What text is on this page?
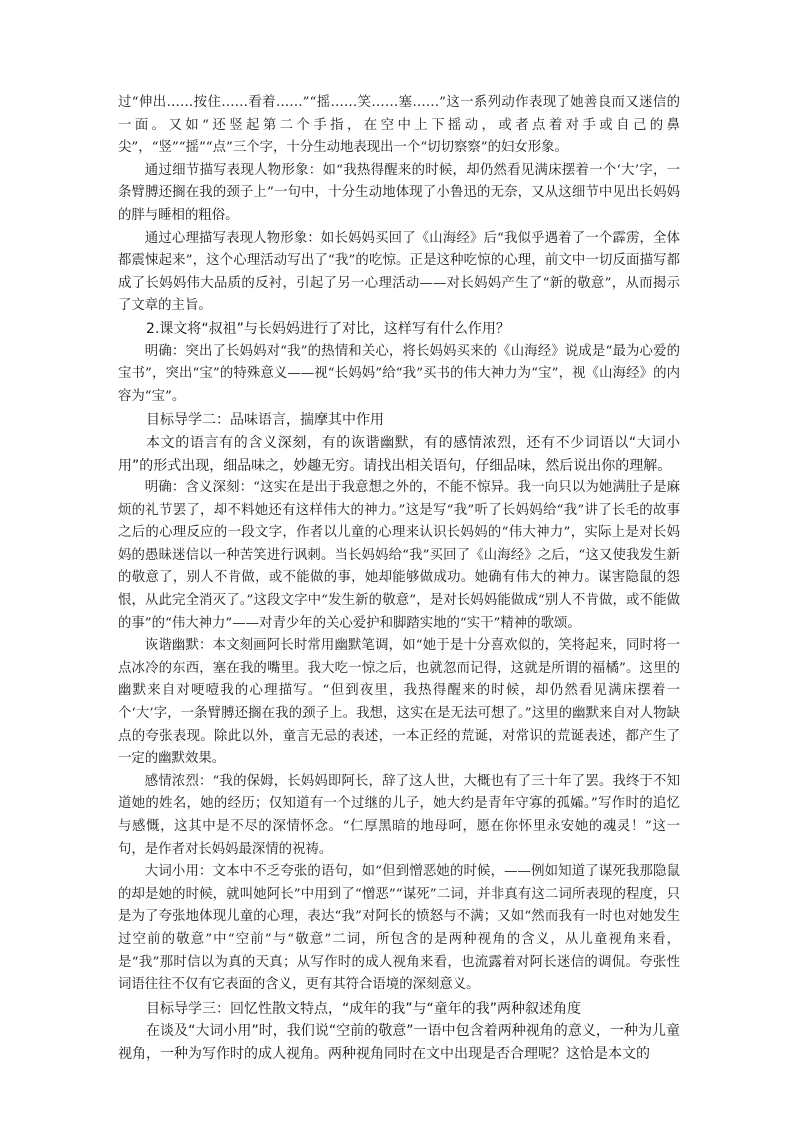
过“伸出……按住……看着……”“摇……笑……塞……”这一系列动作表现了她善良而又迷信的一面。又如“还竖起第二个手指，在空中上下摇动，或者点着对手或自己的鼻尖”，“竖”“摇”“点”三个字，十分生动地表现出一个“切切察察”的妇女形象。

通过细节描写表现人物形象：如“我热得醒来的时候，却仍然看见满床摆着一个‘大’字，一条臂膊还搁在我的颈子上”一句中，十分生动地体现了小鲁迅的无奈，又从这细节中见出长妈妈的胖与睡相的粗俗。

通过心理描写表现人物形象：如长妈妈买回了《山海经》后“我似乎遇着了一个霹雳，全体都震悚起来”，这个心理活动写出了“我”的吃惊。正是这种吃惊的心理，前文中一切反面描写都成了长妈妈伟大品质的反衬，引起了另一心理活动——对长妈妈产生了“新的敬意”，从而揭示了文章的主旨。

2.课文将“叔祖”与长妈妈进行了对比，这样写有什么作用？

明确：突出了长妈妈对“我”的热情和关心，将长妈妈买来的《山海经》说成是“最为心爱的宝书”，突出“宝”的特殊意义——视“长妈妈”给“我”买书的伟大神力为“宝”，视《山海经》的内容为“宝”。

目标导学二：品味语言，揣摩其中作用

本文的语言有的含义深刻，有的诙谐幽默，有的感情浓烈，还有不少词语以“大词小用”的形式出现，细品味之，妙趣无穷。请找出相关语句，仔细品味，然后说出你的理解。

明确：含义深刻：“这实在是出于我意想之外的，不能不惊异。我一向只以为她满肚子是麻烦的礼节罢了，却不料她还有这样伟大的神力。”这是写“我”听了长妈妈给“我”讲了长毛的故事之后的心理反应的一段文字，作者以儿童的心理来认识长妈妈的“伟大神力”，实际上是对长妈妈的愚昧迷信以一种苦笑进行讽刺。当长妈妈给“我”买回了《山海经》之后，“这又使我发生新的敬意了，别人不肯做，或不能做的事，她却能够做成功。她确有伟大的神力。谋害隐鼠的怨恨，从此完全消灭了。”这段文字中“发生新的敬意”，是对长妈妈能做成“别人不肯做，或不能做的事”的“伟大神力”——对青少年的关心爱护和脚踏实地的“实干”精神的歌颂。

诙谐幽默：本文刻画阿长时常用幽默笔调，如“她于是十分喜欢似的，笑将起来，同时将一点冰冷的东西，塞在我的嘴里。我大吃一惊之后，也就忽而记得，这就是所谓的福橘”。这里的幽默来自对哽噎我的心理描写。“但到夜里，我热得醒来的时候，却仍然看见满床摆着一个‘大’字，一条臂膊还搁在我的颈子上。我想，这实在是无法可想了。”这里的幽默来自对人物缺点的夸张表现。除此以外，童言无忌的表述，一本正经的荒诞，对常识的荒诞表述，都产生了一定的幽默效果。

感情浓烈：“我的保姆，长妈妈即阿长，辞了这人世，大概也有了三十年了罢。我终于不知道她的姓名，她的经历；仅知道有一个过继的儿子，她大约是青年守寡的孤孀。”写作时的追忆与感慨，这其中是不尽的深情怀念。“仁厚黑暗的地母呵，愿在你怀里永安她的魂灵！”这一句，是作者对长妈妈最深情的祝祷。

大词小用：文本中不乏夸张的语句，如“但到憎恶她的时候，——例如知道了谋死我那隐鼠的却是她的时候，就叫她阿长”中用到了“憎恶”“谋死”二词，并非真有这二词所表现的程度，只是为了夸张地体现儿童的心理，表达“我”对阿长的愤怒与不满；又如“然而我有一时也对她发生过空前的敬意”中“空前”与“敬意”二词，所包含的是两种视角的含义，从儿童视角来看，是“我”那时信以为真的天真；从写作时的成人视角来看，也流露着对阿长迷信的调侃。夸张性词语往往不仅有它表面的含义，更有其符合语境的深刻意义。

目标导学三：回忆性散文特点，“成年的我”与“童年的我”两种叙述角度

在谈及“大词小用”时，我们说“空前的敬意”一语中包含着两种视角的意义，一种为儿童视角，一种为写作时的成人视角。两种视角同时在文中出现是否合理呢？这恰是本文的
